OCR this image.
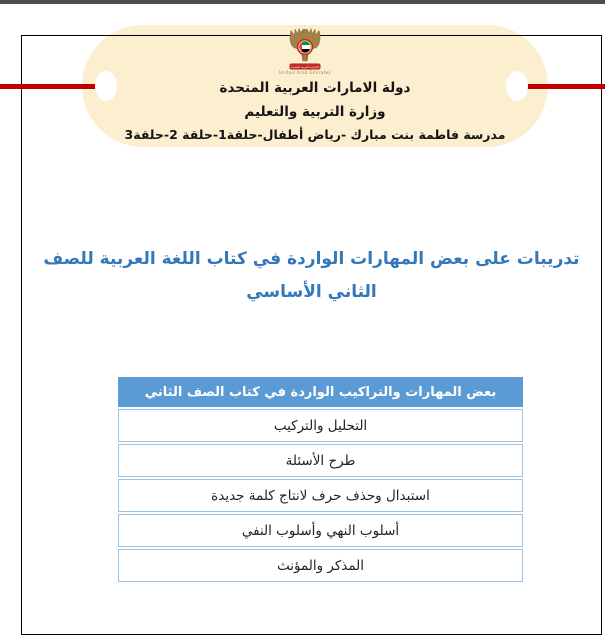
الامارات العربية المتحدة
United Arab Emirates
دولة الامارات العربية المتحدة
وزارة التربية والتعليم
مدرسة فاطمة بنت مبارك -رياض أطفال-حلقة1-حلقة 2-حلقة3
تدريبات على بعض المهارات الواردة في كتاب اللغة العربية للصف الثاني الأساسي
بعض المهارات والتراكيب الواردة في كتاب الصف الثاني
التحليل والتركيب
طرح الأسئلة
استبدال وحذف حرف لانتاج كلمة جديدة
أسلوب النهي وأسلوب النفي
المذكر والمؤنث
